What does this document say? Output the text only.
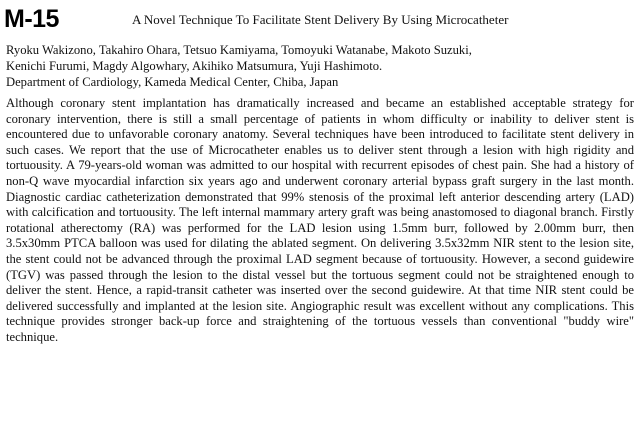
M-15	A Novel Technique To Facilitate Stent Delivery By Using Microcatheter
Ryoku Wakizono, Takahiro Ohara, Tetsuo Kamiyama, Tomoyuki Watanabe, Makoto Suzuki,
Kenichi Furumi, Magdy Algowhary, Akihiko Matsumura, Yuji Hashimoto.
Department of Cardiology, Kameda Medical Center, Chiba, Japan
Although coronary stent implantation has dramatically increased and became an established acceptable strategy for coronary intervention, there is still a small percentage of patients in whom difficulty or inability to deliver stent is encountered due to unfavorable coronary anatomy. Several techniques have been introduced to facilitate stent delivery in such cases. We report that the use of Microcatheter enables us to deliver stent through a lesion with high rigidity and tortuousity. A 79-years-old woman was admitted to our hospital with recurrent episodes of chest pain. She had a history of non-Q wave myocardial infarction six years ago and underwent coronary arterial bypass graft surgery in the last month. Diagnostic cardiac catheterization demonstrated that 99% stenosis of the proximal left anterior descending artery (LAD) with calcification and tortuousity. The left internal mammary artery graft was being anastomosed to diagonal branch. Firstly rotational atherectomy (RA) was performed for the LAD lesion using 1.5mm burr, followed by 2.00mm burr, then 3.5x30mm PTCA balloon was used for dilating the ablated segment. On delivering 3.5x32mm NIR stent to the lesion site, the stent could not be advanced through the proximal LAD segment because of tortuousity. However, a second guidewire (TGV) was passed through the lesion to the distal vessel but the tortuous segment could not be straightened enough to deliver the stent. Hence, a rapid-transit catheter was inserted over the second guidewire. At that time NIR stent could be delivered successfully and implanted at the lesion site. Angiographic result was excellent without any complications. This technique provides stronger back-up force and straightening of the tortuous vessels than conventional "buddy wire" technique.
